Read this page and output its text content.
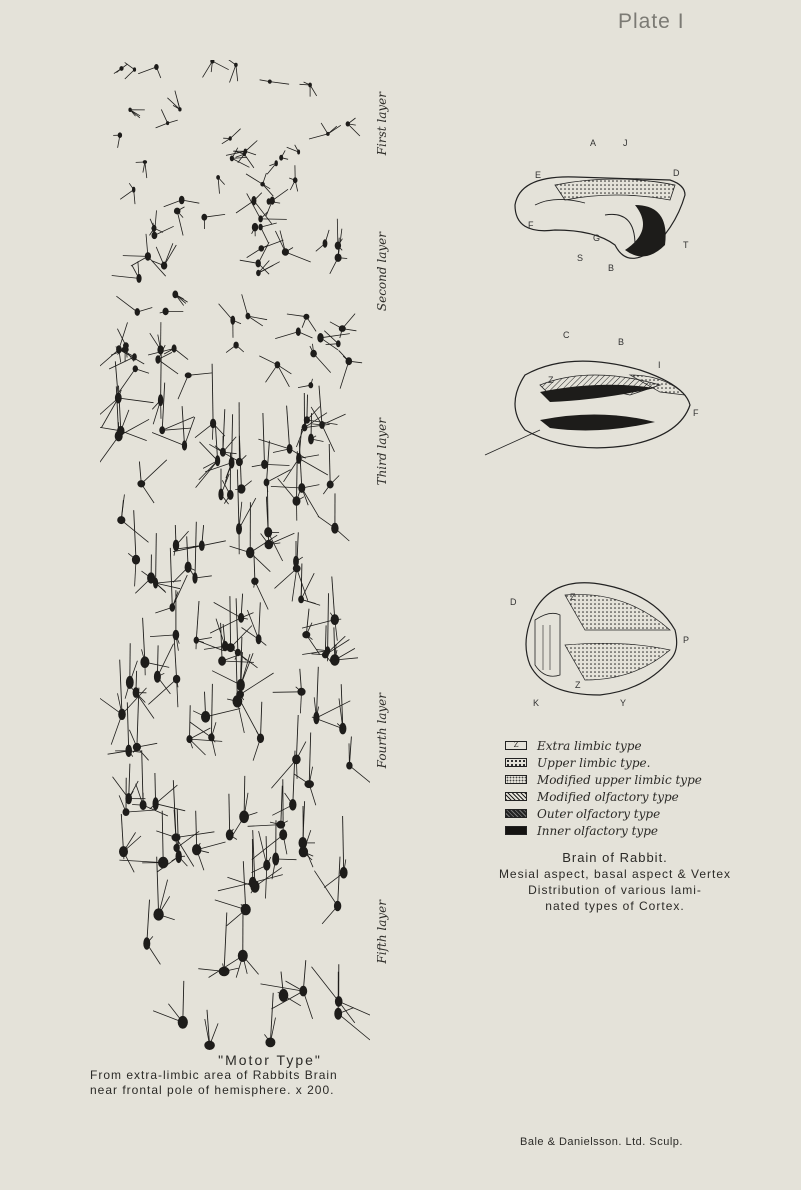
Plate I
First layer
Second layer
Third layer
Fourth layer
Fifth layer
A	J
E	D
F
G
T
S
B
C
B
I
Z
F
D	Z
P
Z
K	Y
Z	Extra limbic type
Upper limbic type.
Modified upper limbic type
Modified olfactory type
Outer olfactory type
Inner olfactory type
Brain of Rabbit.
Mesial aspect, basal aspect & Vertex
Distribution of various lami-
nated types of Cortex.
"Motor Type"
From extra-limbic area of Rabbits Brain
near frontal pole of hemisphere. x 200.
Bale & Danielsson. Ltd. Sculp.
